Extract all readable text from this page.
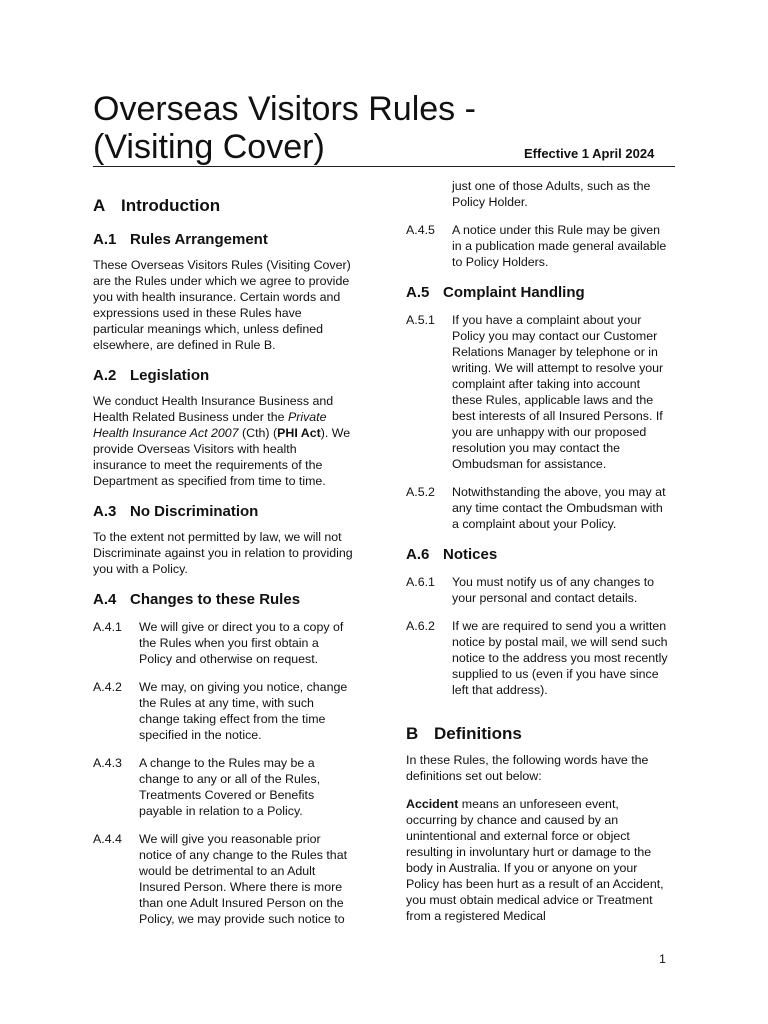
Overseas Visitors Rules -
(Visiting Cover)	Effective 1 April 2024
A Introduction
A.1 Rules Arrangement

These Overseas Visitors Rules (Visiting Cover) are the Rules under which we agree to provide you with health insurance. Certain words and expressions used in these Rules have particular meanings which, unless defined elsewhere, are defined in Rule B.

A.2 Legislation

We conduct Health Insurance Business and Health Related Business under the Private Health Insurance Act 2007 (Cth) (PHI Act). We provide Overseas Visitors with health insurance to meet the requirements of the Department as specified from time to time.

A.3 No Discrimination

To the extent not permitted by law, we will not Discriminate against you in relation to providing you with a Policy.

A.4 Changes to these Rules
A.4.1	We will give or direct you to a copy of the Rules when you first obtain a Policy and otherwise on request.
A.4.2	We may, on giving you notice, change the Rules at any time, with such change taking effect from the time specified in the notice.
A.4.3	A change to the Rules may be a change to any or all of the Rules, Treatments Covered or Benefits payable in relation to a Policy.
A.4.4	We will give you reasonable prior notice of any change to the Rules that would be detrimental to an Adult Insured Person. Where there is more than one Adult Insured Person on the Policy, we may provide such notice to
just one of those Adults, such as the Policy Holder.
A.4.5	A notice under this Rule may be given in a publication made general available to Policy Holders.
A.5 Complaint Handling
A.5.1	If you have a complaint about your Policy you may contact our Customer Relations Manager by telephone or in writing. We will attempt to resolve your complaint after taking into account these Rules, applicable laws and the best interests of all Insured Persons. If you are unhappy with our proposed resolution you may contact the Ombudsman for assistance.
A.5.2	Notwithstanding the above, you may at any time contact the Ombudsman with a complaint about your Policy.
A.6 Notices
A.6.1	You must notify us of any changes to your personal and contact details.
A.6.2	If we are required to send you a written notice by postal mail, we will send such notice to the address you most recently supplied to us (even if you have since left that address).
B Definitions

In these Rules, the following words have the definitions set out below:

Accident means an unforeseen event, occurring by chance and caused by an unintentional and external force or object resulting in involuntary hurt or damage to the body in Australia. If you or anyone on your Policy has been hurt as a result of an Accident, you must obtain medical advice or Treatment from a registered Medical

1
